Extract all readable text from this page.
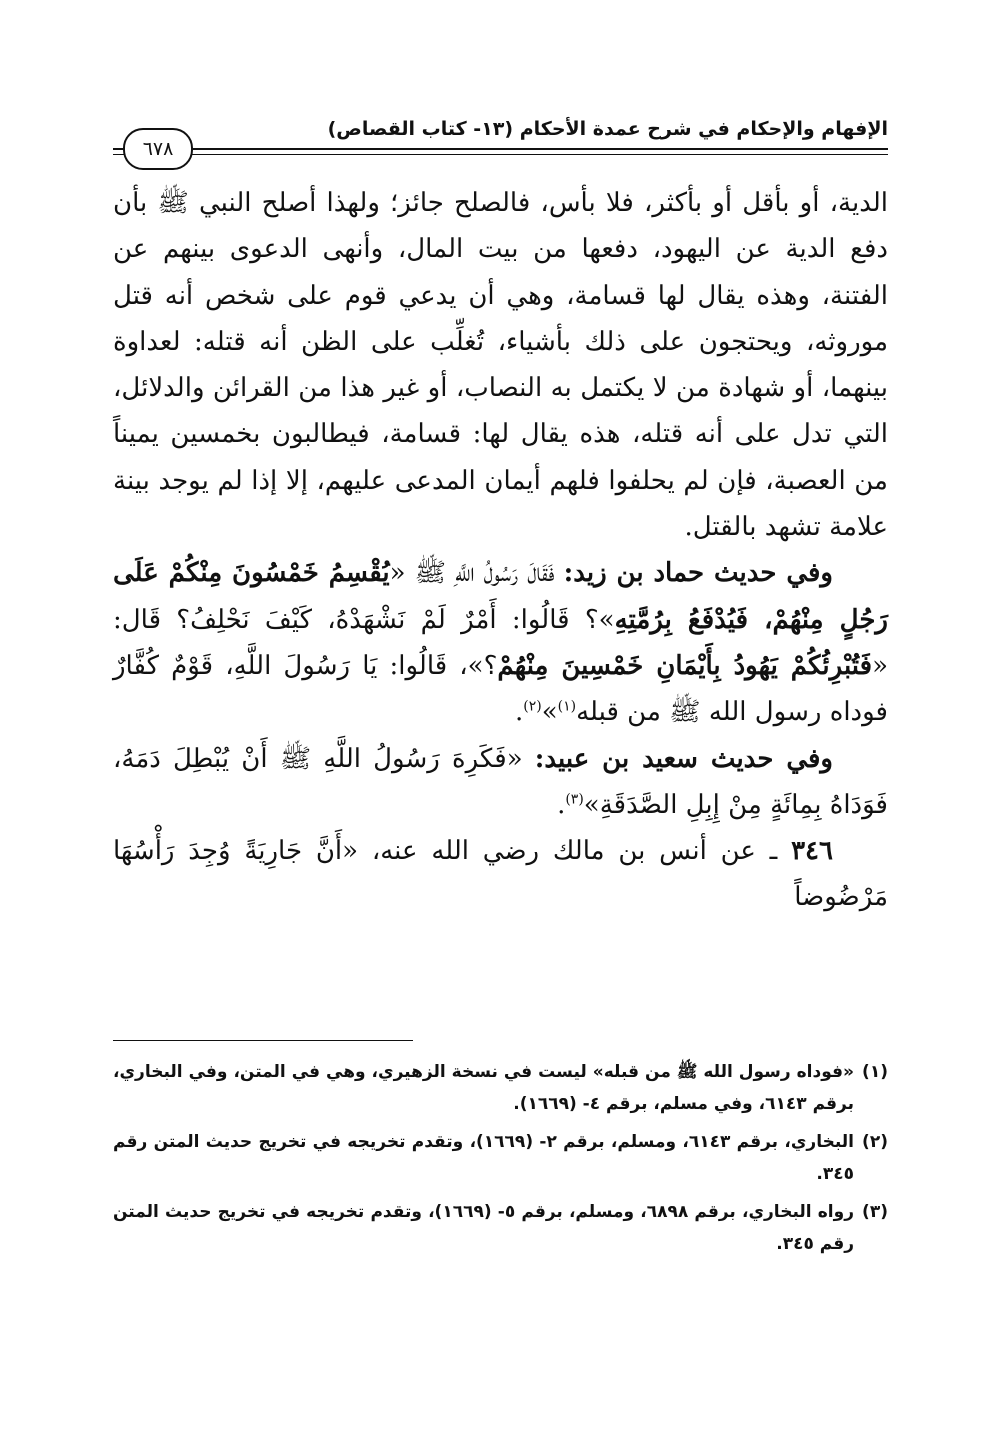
الإفهام والإحكام في شرح عمدة الأحكام (١٣- كتاب القصاص)
٦٧٨

الدية، أو بأقل أو بأكثر، فلا بأس، فالصلح جائز؛ ولهذا أصلح النبي ﷺ بأن دفع الدية عن اليهود، دفعها من بيت المال، وأنهى الدعوى بينهم عن الفتنة، وهذه يقال لها قسامة، وهي أن يدعي قوم على شخص أنه قتل موروثه، ويحتجون على ذلك بأشياء، تُغلِّب على الظن أنه قتله: لعداوة بينهما، أو شهادة من لا يكتمل به النصاب، أو غير هذا من القرائن والدلائل، التي تدل على أنه قتله، هذه يقال لها: قسامة، فيطالبون بخمسين يميناً من العصبة، فإن لم يحلفوا فلهم أيمان المدعى عليهم، إلا إذا لم يوجد بينة علامة تشهد بالقتل.

وفي حديث حماد بن زيد: فَقَالَ رَسُولُ اللَّهِ ﷺ «يُقْسِمُ خَمْسُونَ مِنْكُمْ عَلَى رَجُلٍ مِنْهُمْ، فَيُدْفَعُ بِرُمَّتِهِ»؟ قَالُوا: أَمْرٌ لَمْ نَشْهَدْهُ، كَيْفَ نَحْلِفُ؟ قَال: «فَتُبْرِئُكُمْ يَهُودُ بِأَيْمَانِ خَمْسِينَ مِنْهُمْ؟»، قَالُوا: يَا رَسُولَ اللَّهِ، قَوْمٌ كُفَّارٌ فوداه رسول الله ﷺ من قبله$^{(١)}$»$^{(٢)}$.

وفي حديث سعيد بن عبيد: «فَكَرِهَ رَسُولُ اللَّهِ ﷺ أَنْ يُبْطِلَ دَمَهُ، فَوَدَاهُ بِمِائَةٍ مِنْ إِبِلِ الصَّدَقَةِ»$^{(٣)}$.

٣٤٦ ـ عن أنس بن مالك رضي الله عنه، «أَنَّ جَارِيَةً وُجِدَ رَأْسُهَا مَرْضُوضاً

(١)«فوداه رسول الله ﷺ من قبله» ليست في نسخة الزهيري، وهي في المتن، وفي البخاري، برقم ٦١٤٣، وفي مسلم، برقم ٤- (١٦٦٩).

(٢)البخاري، برقم ٦١٤٣، ومسلم، برقم ٢- (١٦٦٩)، وتقدم تخريجه في تخريج حديث المتن رقم ٣٤٥.

(٣)رواه البخاري، برقم ٦٨٩٨، ومسلم، برقم ٥- (١٦٦٩)، وتقدم تخريجه في تخريج حديث المتن رقم ٣٤٥.
